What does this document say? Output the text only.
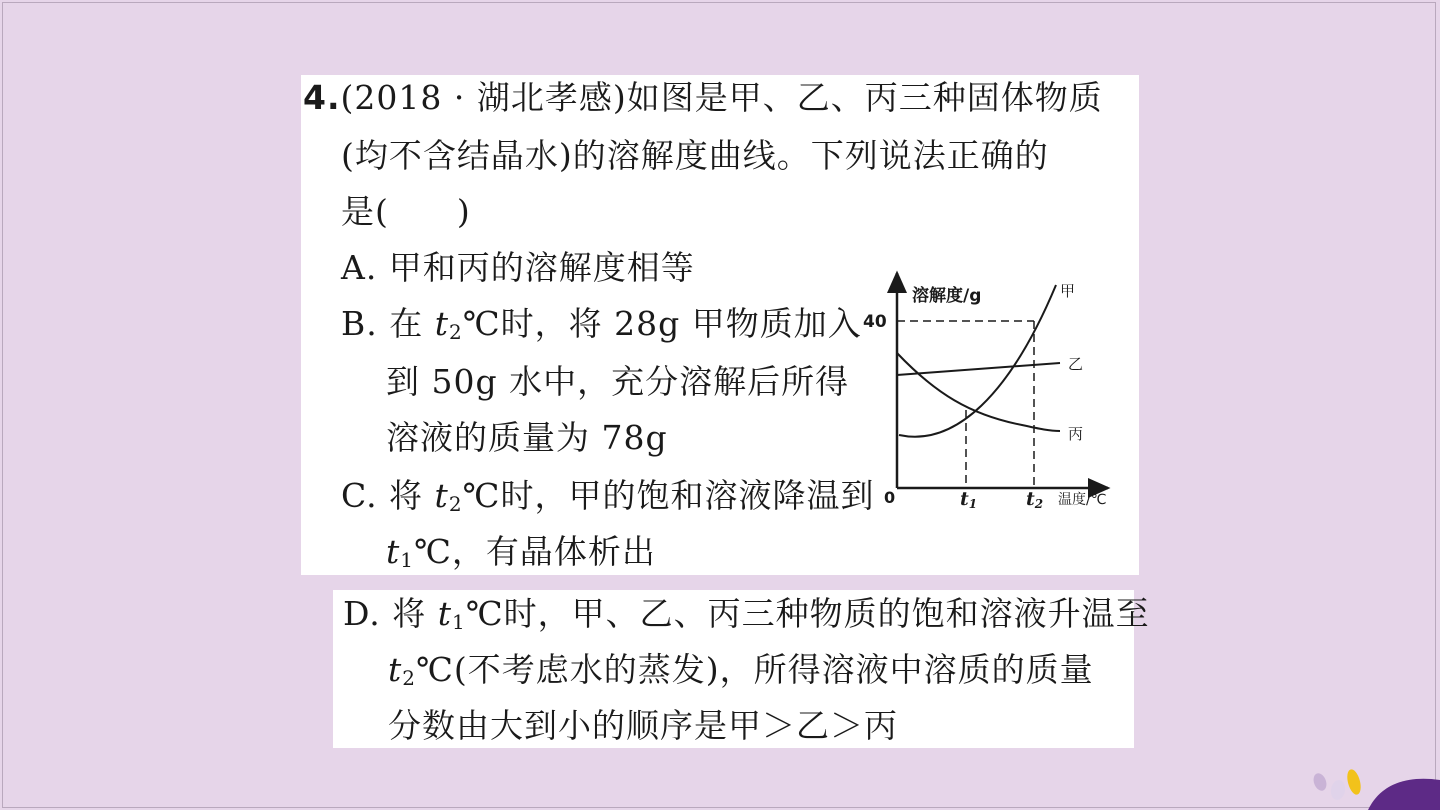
4.(2018 · 湖北孝感)如图是甲、乙、丙三种固体物质
(均不含结晶水)的溶解度曲线。下列说法正确的
是(　　)
A. 甲和丙的溶解度相等
B. 在 $t_2℃$时，将 28g 甲物质加入
到 50g 水中，充分溶解后所得
溶液的质量为 78g
C. 将 $t_2℃$时，甲的饱和溶液降温到
$t_1℃$，有晶体析出
溶解度/g
40
0
甲
乙
丙
t1	t2 温度/℃
D. 将 $t_1℃$时，甲、乙、丙三种物质的饱和溶液升温至
$t_2℃$(不考虑水的蒸发)，所得溶液中溶质的质量
分数由大到小的顺序是甲＞乙＞丙
